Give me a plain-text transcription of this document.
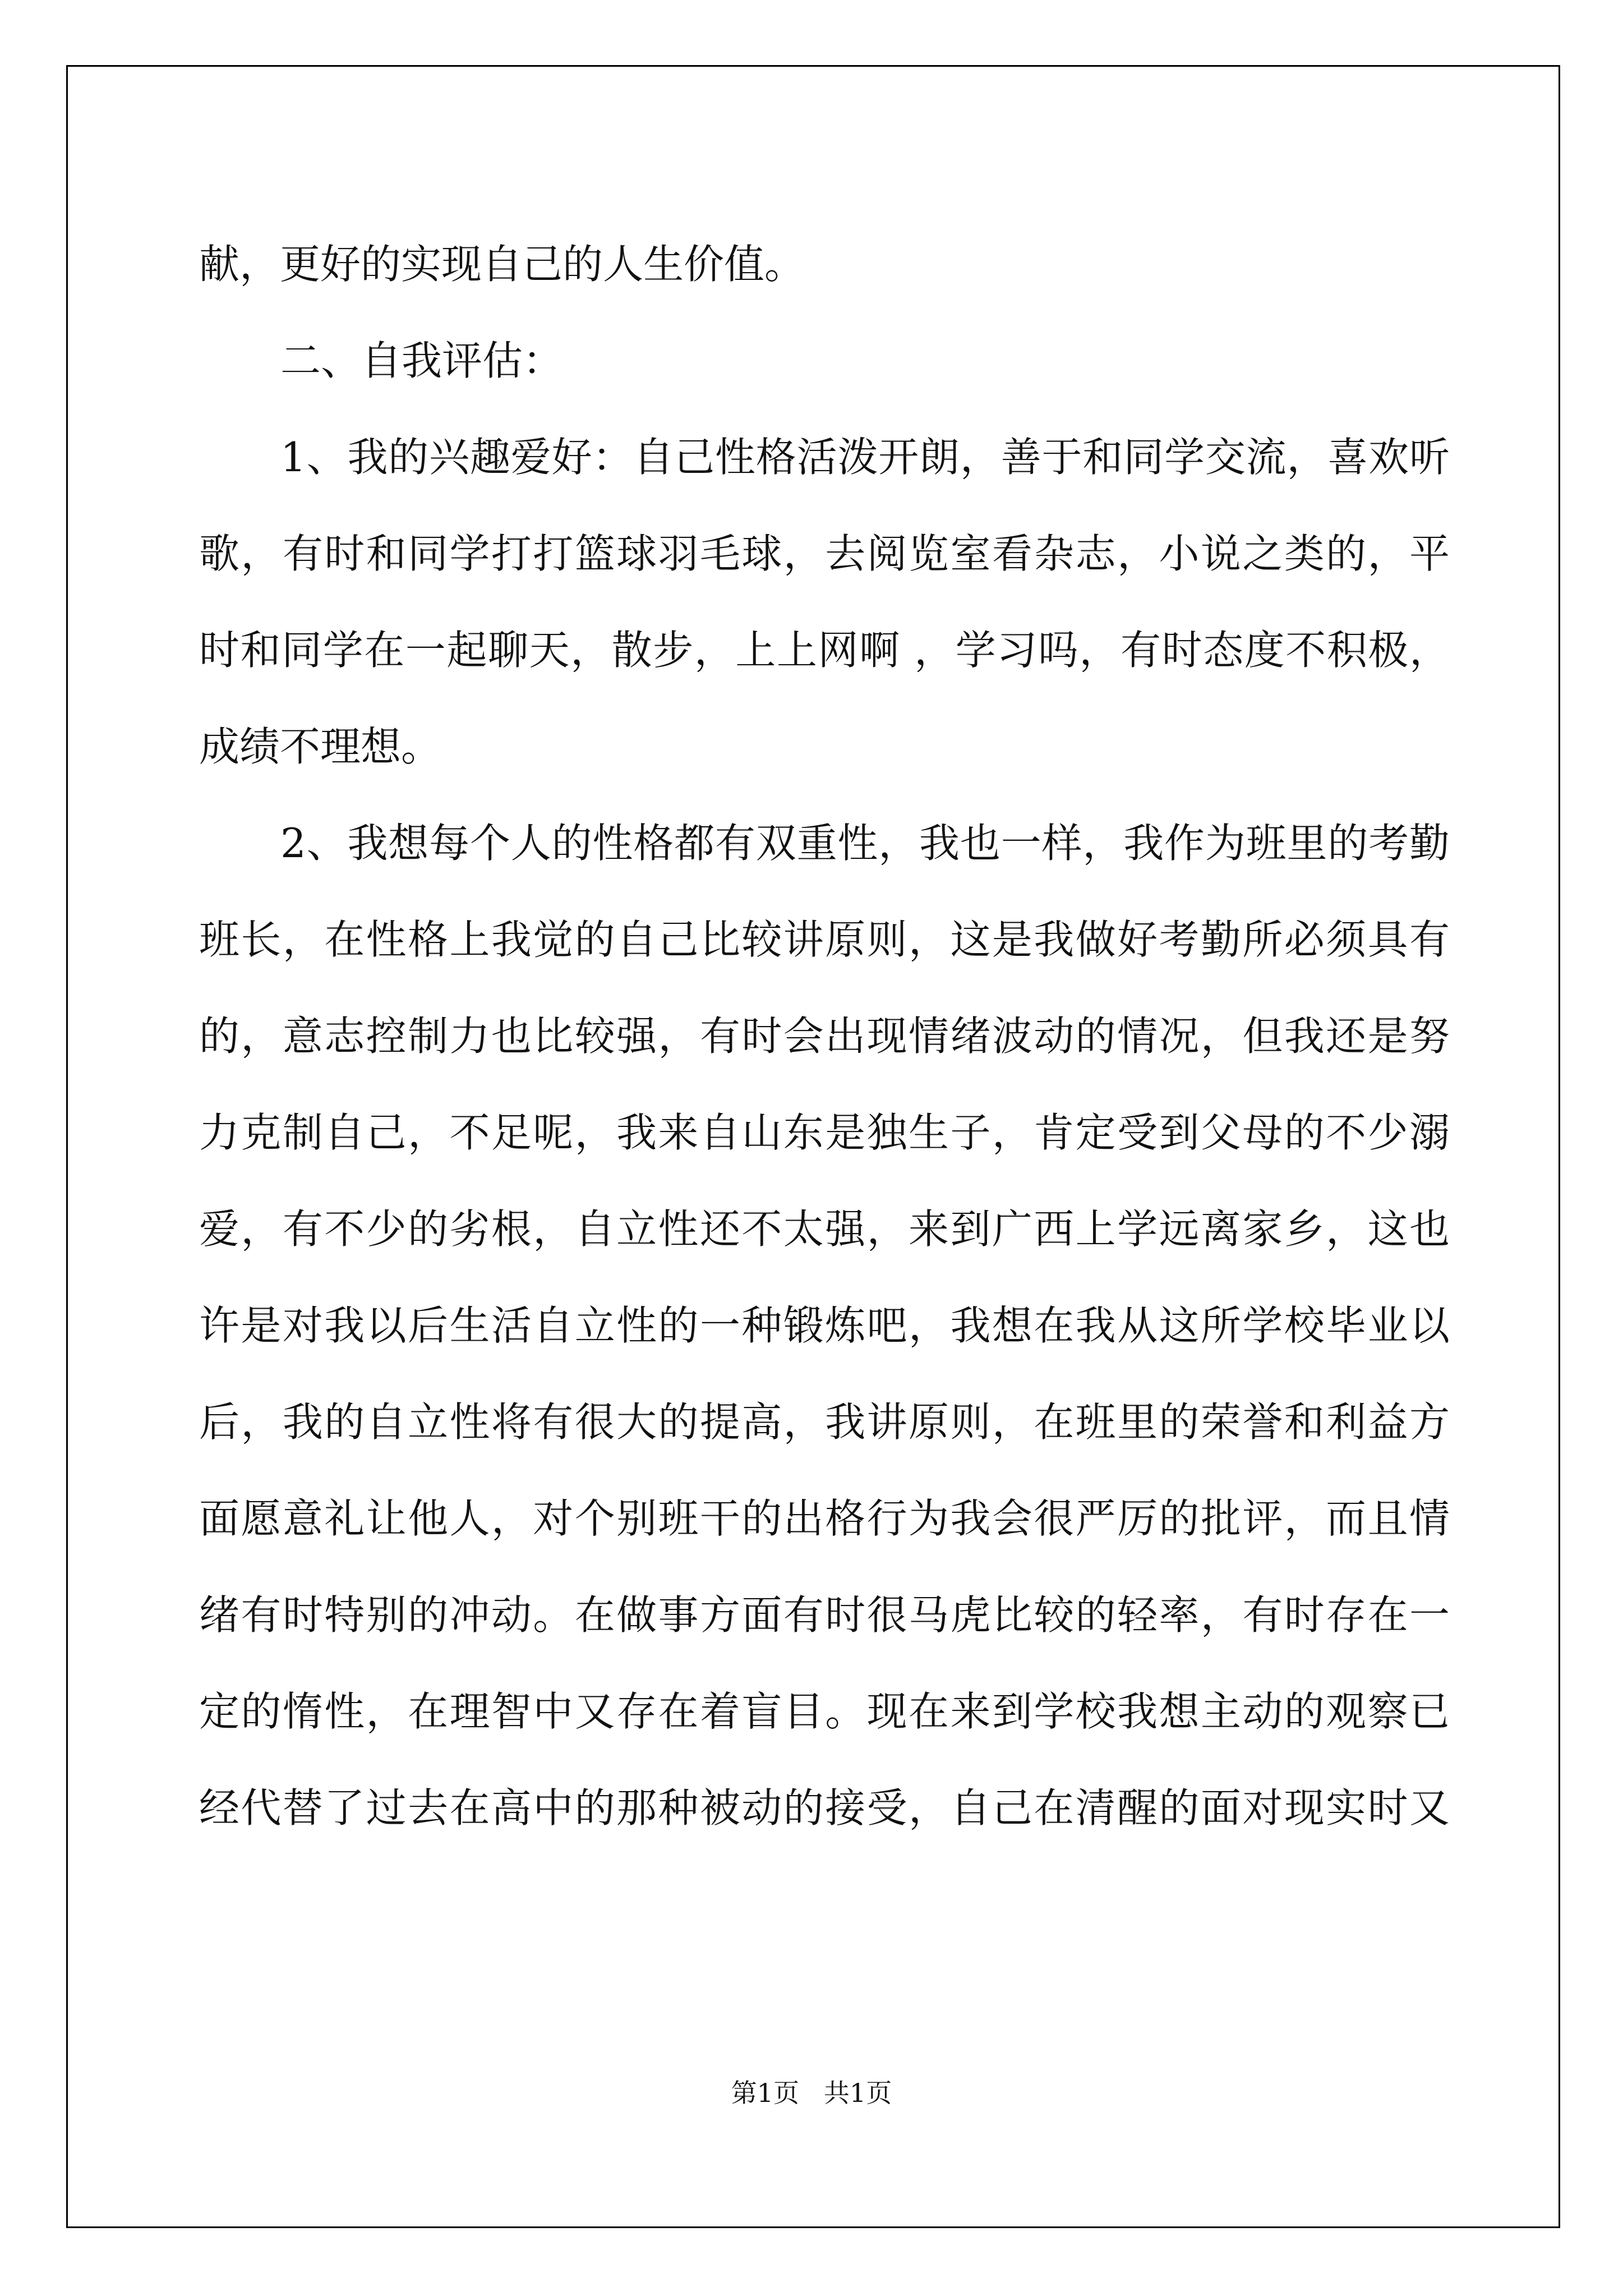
献，更好的实现自己的人生价值。
二、自我评估：
1、我的兴趣爱好：自己性格活泼开朗，善于和同学交流，喜欢听
歌，有时和同学打打篮球羽毛球，去阅览室看杂志，小说之类的，平
时和同学在一起聊天，散步，上上网啊 ，学习吗，有时态度不积极，
成绩不理想。
2、我想每个人的性格都有双重性，我也一样，我作为班里的考勤
班长，在性格上我觉的自己比较讲原则，这是我做好考勤所必须具有
的，意志控制力也比较强，有时会出现情绪波动的情况，但我还是努
力克制自己，不足呢，我来自山东是独生子，肯定受到父母的不少溺
爱，有不少的劣根，自立性还不太强，来到广西上学远离家乡，这也
许是对我以后生活自立性的一种锻炼吧，我想在我从这所学校毕业以
后，我的自立性将有很大的提高，我讲原则，在班里的荣誉和利益方
面愿意礼让他人，对个别班干的出格行为我会很严厉的批评，而且情
绪有时特别的冲动。在做事方面有时很马虎比较的轻率，有时存在一
定的惰性，在理智中又存在着盲目。现在来到学校我想主动的观察已
经代替了过去在高中的那种被动的接受，自己在清醒的面对现实时又
第1页   共1页
